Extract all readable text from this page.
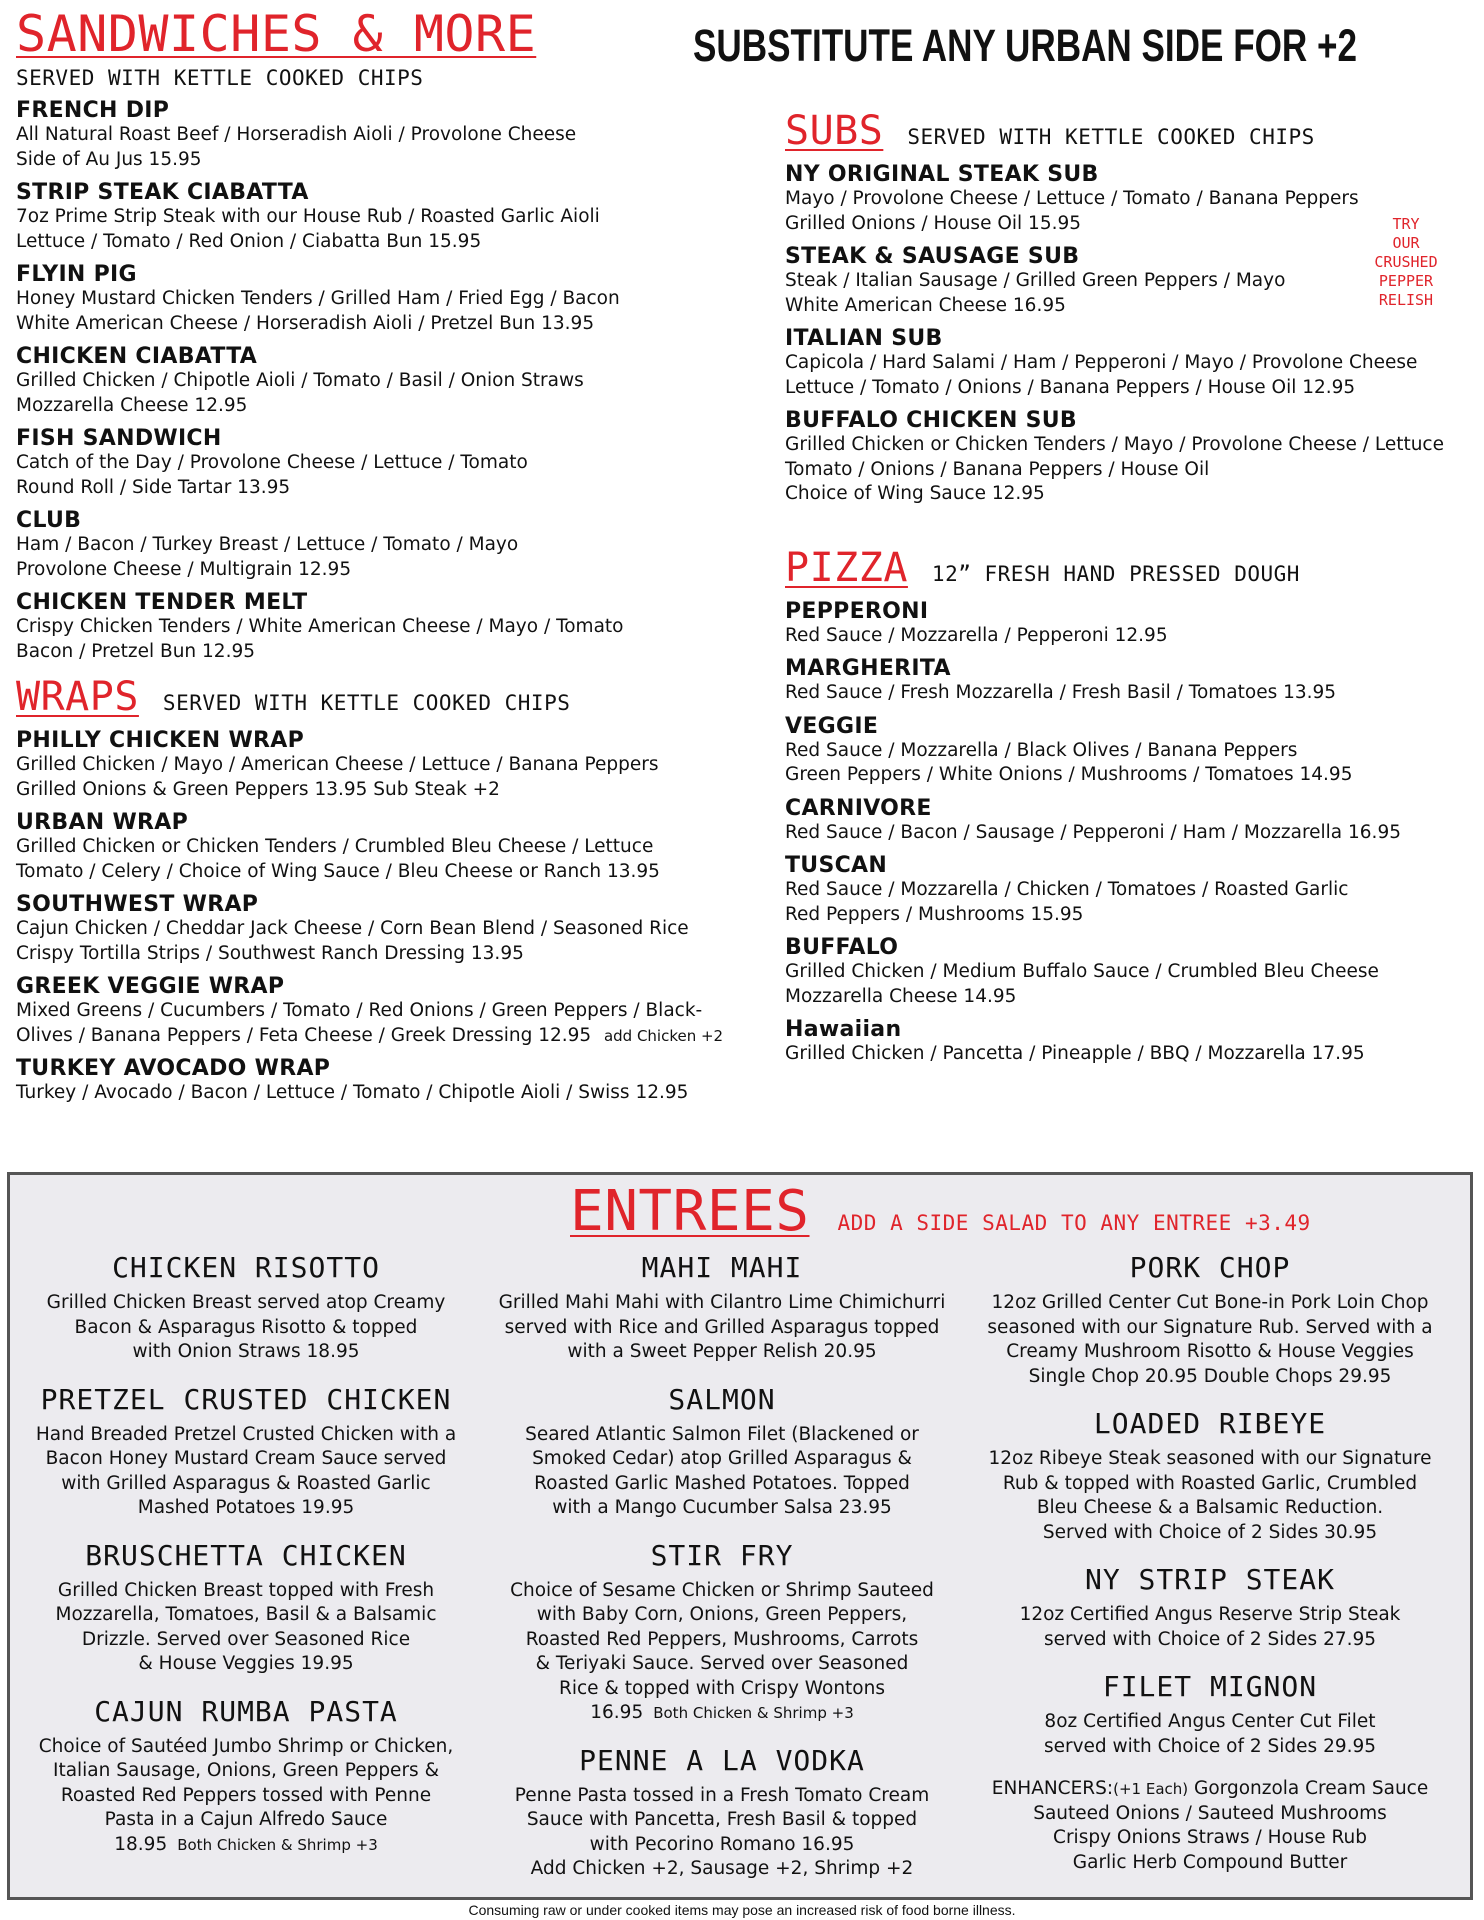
SANDWICHES & MORE
SERVED WITH KETTLE COOKED CHIPS
FRENCH DIP
All Natural Roast Beef / Horseradish Aioli / Provolone Cheese
Side of Au Jus 15.95
STRIP STEAK CIABATTA
7oz Prime Strip Steak with our House Rub / Roasted Garlic Aioli
Lettuce / Tomato / Red Onion / Ciabatta Bun 15.95
FLYIN PIG
Honey Mustard Chicken Tenders / Grilled Ham / Fried Egg / Bacon
White American Cheese / Horseradish Aioli / Pretzel Bun 13.95
CHICKEN CIABATTA
Grilled Chicken / Chipotle Aioli / Tomato / Basil / Onion Straws
Mozzarella Cheese 12.95
FISH SANDWICH
Catch of the Day / Provolone Cheese / Lettuce / Tomato
Round Roll / Side Tartar 13.95
CLUB
Ham / Bacon / Turkey Breast / Lettuce / Tomato / Mayo
Provolone Cheese / Multigrain 12.95
CHICKEN TENDER MELT
Crispy Chicken Tenders / White American Cheese / Mayo / Tomato
Bacon / Pretzel Bun 12.95
WRAPS SERVED WITH KETTLE COOKED CHIPS
PHILLY CHICKEN WRAP
Grilled Chicken / Mayo / American Cheese / Lettuce / Banana Peppers
Grilled Onions & Green Peppers 13.95 Sub Steak +2
URBAN WRAP
Grilled Chicken or Chicken Tenders / Crumbled Bleu Cheese / Lettuce
Tomato / Celery / Choice of Wing Sauce / Bleu Cheese or Ranch 13.95
SOUTHWEST WRAP
Cajun Chicken / Cheddar Jack Cheese / Corn Bean Blend / Seasoned Rice
Crispy Tortilla Strips / Southwest Ranch Dressing 13.95
GREEK VEGGIE WRAP
Mixed Greens / Cucumbers / Tomato / Red Onions / Green Peppers / Black-
Olives / Banana Peppers / Feta Cheese / Greek Dressing 12.95 add Chicken +2
TURKEY AVOCADO WRAP
Turkey / Avocado / Bacon / Lettuce / Tomato / Chipotle Aioli / Swiss 12.95
SUBSTITUTE ANY URBAN SIDE FOR +2
TRY
OUR
CRUSHED
PEPPER
RELISH
SUBS SERVED WITH KETTLE COOKED CHIPS
NY ORIGINAL STEAK SUB
Mayo / Provolone Cheese / Lettuce / Tomato / Banana Peppers
Grilled Onions / House Oil 15.95
STEAK & SAUSAGE SUB
Steak / Italian Sausage / Grilled Green Peppers / Mayo
White American Cheese 16.95
ITALIAN SUB
Capicola / Hard Salami / Ham / Pepperoni / Mayo / Provolone Cheese
Lettuce / Tomato / Onions / Banana Peppers / House Oil 12.95
BUFFALO CHICKEN SUB
Grilled Chicken or Chicken Tenders / Mayo / Provolone Cheese / Lettuce
Tomato / Onions / Banana Peppers / House Oil
Choice of Wing Sauce 12.95
PIZZA 12” FRESH HAND PRESSED DOUGH
PEPPERONI
Red Sauce / Mozzarella / Pepperoni 12.95
MARGHERITA
Red Sauce / Fresh Mozzarella / Fresh Basil / Tomatoes 13.95
VEGGIE
Red Sauce / Mozzarella / Black Olives / Banana Peppers
Green Peppers / White Onions / Mushrooms / Tomatoes 14.95
CARNIVORE
Red Sauce / Bacon / Sausage / Pepperoni / Ham / Mozzarella 16.95
TUSCAN
Red Sauce / Mozzarella / Chicken / Tomatoes / Roasted Garlic
Red Peppers / Mushrooms 15.95
BUFFALO
Grilled Chicken / Medium Buffalo Sauce / Crumbled Bleu Cheese
Mozzarella Cheese 14.95
Hawaiian
Grilled Chicken / Pancetta / Pineapple / BBQ / Mozzarella 17.95
ENTREES ADD A SIDE SALAD TO ANY ENTREE +3.49
CHICKEN RISOTTO
Grilled Chicken Breast served atop Creamy
Bacon & Asparagus Risotto & topped
with Onion Straws 18.95
PRETZEL CRUSTED CHICKEN
Hand Breaded Pretzel Crusted Chicken with a
Bacon Honey Mustard Cream Sauce served
with Grilled Asparagus & Roasted Garlic
Mashed Potatoes 19.95
BRUSCHETTA CHICKEN
Grilled Chicken Breast topped with Fresh
Mozzarella, Tomatoes, Basil & a Balsamic
Drizzle. Served over Seasoned Rice
& House Veggies 19.95
CAJUN RUMBA PASTA
Choice of Sautéed Jumbo Shrimp or Chicken,
Italian Sausage, Onions, Green Peppers &
Roasted Red Peppers tossed with Penne
Pasta in a Cajun Alfredo Sauce
18.95 Both Chicken & Shrimp +3
MAHI MAHI
Grilled Mahi Mahi with Cilantro Lime Chimichurri
served with Rice and Grilled Asparagus topped
with a Sweet Pepper Relish 20.95
SALMON
Seared Atlantic Salmon Filet (Blackened or
Smoked Cedar) atop Grilled Asparagus &
Roasted Garlic Mashed Potatoes. Topped
with a Mango Cucumber Salsa 23.95
STIR FRY
Choice of Sesame Chicken or Shrimp Sauteed
with Baby Corn, Onions, Green Peppers,
Roasted Red Peppers, Mushrooms, Carrots
& Teriyaki Sauce. Served over Seasoned
Rice & topped with Crispy Wontons
16.95 Both Chicken & Shrimp +3
PENNE A LA VODKA
Penne Pasta tossed in a Fresh Tomato Cream
Sauce with Pancetta, Fresh Basil & topped
with Pecorino Romano 16.95
Add Chicken +2, Sausage +2, Shrimp +2
PORK CHOP
12oz Grilled Center Cut Bone-in Pork Loin Chop
seasoned with our Signature Rub. Served with a
Creamy Mushroom Risotto & House Veggies
Single Chop 20.95 Double Chops 29.95
LOADED RIBEYE
12oz Ribeye Steak seasoned with our Signature
Rub & topped with Roasted Garlic, Crumbled
Bleu Cheese & a Balsamic Reduction.
Served with Choice of 2 Sides 30.95
NY STRIP STEAK
12oz Certified Angus Reserve Strip Steak
served with Choice of 2 Sides 27.95
FILET MIGNON
8oz Certified Angus Center Cut Filet
served with Choice of 2 Sides 29.95
ENHANCERS:(+1 Each) Gorgonzola Cream Sauce
Sauteed Onions / Sauteed Mushrooms
Crispy Onions Straws / House Rub
Garlic Herb Compound Butter
Consuming raw or under cooked items may pose an increased risk of food borne illness.
